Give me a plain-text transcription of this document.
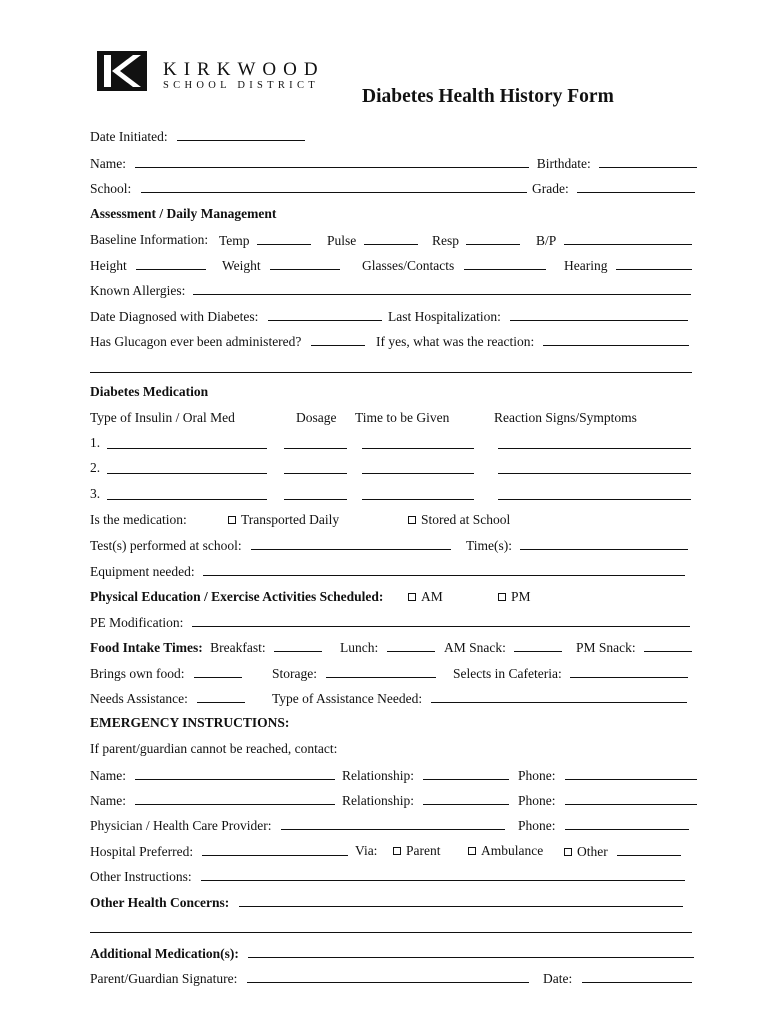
KIRKWOOD
SCHOOL DISTRICT
Diabetes Health History Form
Date Initiated:
Name:	Birthdate:
School:	Grade:
Assessment / Daily Management
Baseline Information: Temp	Pulse	Resp	B/P
Height	Weight	Glasses/Contacts	Hearing
Known Allergies:
Date Diagnosed with Diabetes:	Last Hospitalization:
Has Glucagon ever been administered?	If yes, what was the reaction:
Diabetes Medication
Type of Insulin / Oral Med	Dosage Time to be Given	Reaction Signs/Symptoms
1.
2.
3.
Is the medication:	Transported Daily	Stored at School
Test(s) performed at school:	Time(s):
Equipment needed:
Physical Education / Exercise Activities Scheduled:	AM	PM
PE Modification:
Food Intake Times: Breakfast:	Lunch:	AM Snack:	PM Snack:
Brings own food:	Storage:	Selects in Cafeteria:
Needs Assistance:	Type of Assistance Needed:
EMERGENCY INSTRUCTIONS:
If parent/guardian cannot be reached, contact:
Name:	Relationship:	Phone:
Name:	Relationship:	Phone:
Physician / Health Care Provider:	Phone:
Hospital Preferred:	Via:	Parent	Ambulance	Other
Other Instructions:
Other Health Concerns:
Additional Medication(s):
Parent/Guardian Signature:	Date:
